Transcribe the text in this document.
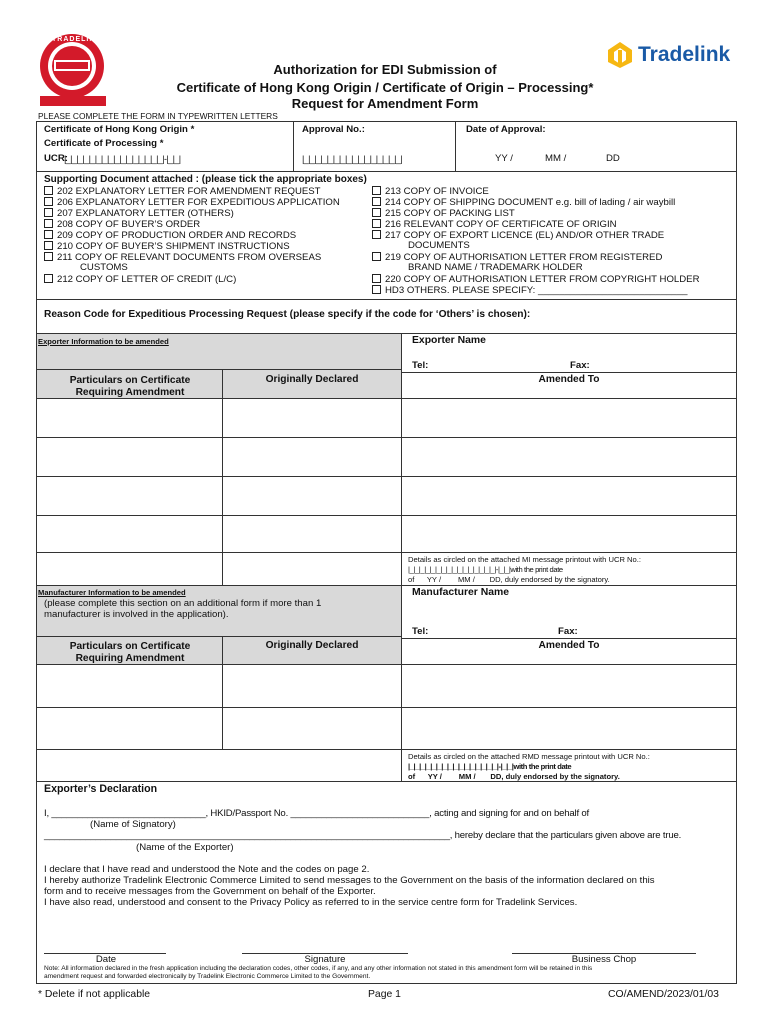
TRADELINK
Tradelink
Authorization for EDI Submission of
Certificate of Hong Kong Origin / Certificate of Origin – Processing*
Request for Amendment Form
PLEASE COMPLETE THE FORM IN TYPEWRITTEN LETTERS
Certificate of Hong Kong Origin *
Certificate of Processing *
UCR:
|_|_|_|_|_|_|_|_|_|_|_|_|_|_|_|_|-|_|_|
Approval No.:
|_|_|_|_|_|_|_|_|_|_|_|_|_|_|_|_|
Date of Approval:
YY /	MM /	DD
Supporting Document attached : (please tick the appropriate boxes)
202 EXPLANATORY LETTER FOR AMENDMENT REQUEST
206 EXPLANATORY LETTER FOR EXPEDITIOUS APPLICATION
207 EXPLANATORY LETTER (OTHERS)
208 COPY OF BUYER’S ORDER
209 COPY OF PRODUCTION ORDER AND RECORDS
210 COPY OF BUYER’S SHIPMENT INSTRUCTIONS
211 COPY OF RELEVANT DOCUMENTS FROM OVERSEAS
CUSTOMS
212 COPY OF LETTER OF CREDIT (L/C)
213 COPY OF INVOICE
214 COPY OF SHIPPING DOCUMENT e.g. bill of lading / air waybill
215 COPY OF PACKING LIST
216 RELEVANT COPY OF CERTIFICATE OF ORIGIN
217 COPY OF EXPORT LICENCE (EL) AND/OR OTHER TRADE
DOCUMENTS
219 COPY OF AUTHORISATION LETTER FROM REGISTERED
BRAND NAME / TRADEMARK HOLDER
220 COPY OF AUTHORISATION LETTER FROM COPYRIGHT HOLDER
HD3 OTHERS. PLEASE SPECIFY: ____________________________
Reason Code for Expeditious Processing Request (please specify if the code for ‘Others’ is chosen):
Exporter Information to be amended	Exporter Name
Tel:	Fax:
Particulars on Certificate
Requiring Amendment
Originally Declared	Amended To
Details as circled on the attached MI message printout with UCR No.:
|_|_|_|_|_|_|_|_|_|_|_|_|_|_|_|_|-|_|_|with the print date
of      YY /        MM /       DD, duly endorsed by the signatory.
Manufacturer Information to be amended
(please complete this section on an additional form if more than 1
manufacturer is involved in the application).
Manufacturer Name
Tel:	Fax:
Particulars on Certificate
Requiring Amendment
Originally Declared	Amended To
Details as circled on the attached RMD message printout with UCR No.:
|_|_|_|_|_|_|_|_|_|_|_|_|_|_|_|_|-|_|_|with the print date
of      YY /        MM /       DD, duly endorsed by the signatory.
Exporter’s Declaration
I, ______________________________, HKID/Passport No. ___________________________, acting and signing for and on behalf of
(Name of Signatory)
_______________________________________________________________________________, hereby declare that the particulars given above are true.
(Name of the Exporter)
I declare that I have read and understood the Note and the codes on page 2.
I hereby authorize Tradelink Electronic Commerce Limited to send messages to the Government on the basis of the information declared on this
form and to receive messages from the Government on behalf of the Exporter.
I have also read, understood and consent to the Privacy Policy as referred to in the service centre form for Tradelink Services.
Date	Signature	Business Chop
Note: All information declared in the fresh application including the declaration codes, other codes, if any, and any other information not stated in this amendment form will be retained in this
amendment request and forwarded electronically by Tradelink Electronic Commerce Limited to the Government.
* Delete if not applicable	Page 1	CO/AMEND/2023/01/03
